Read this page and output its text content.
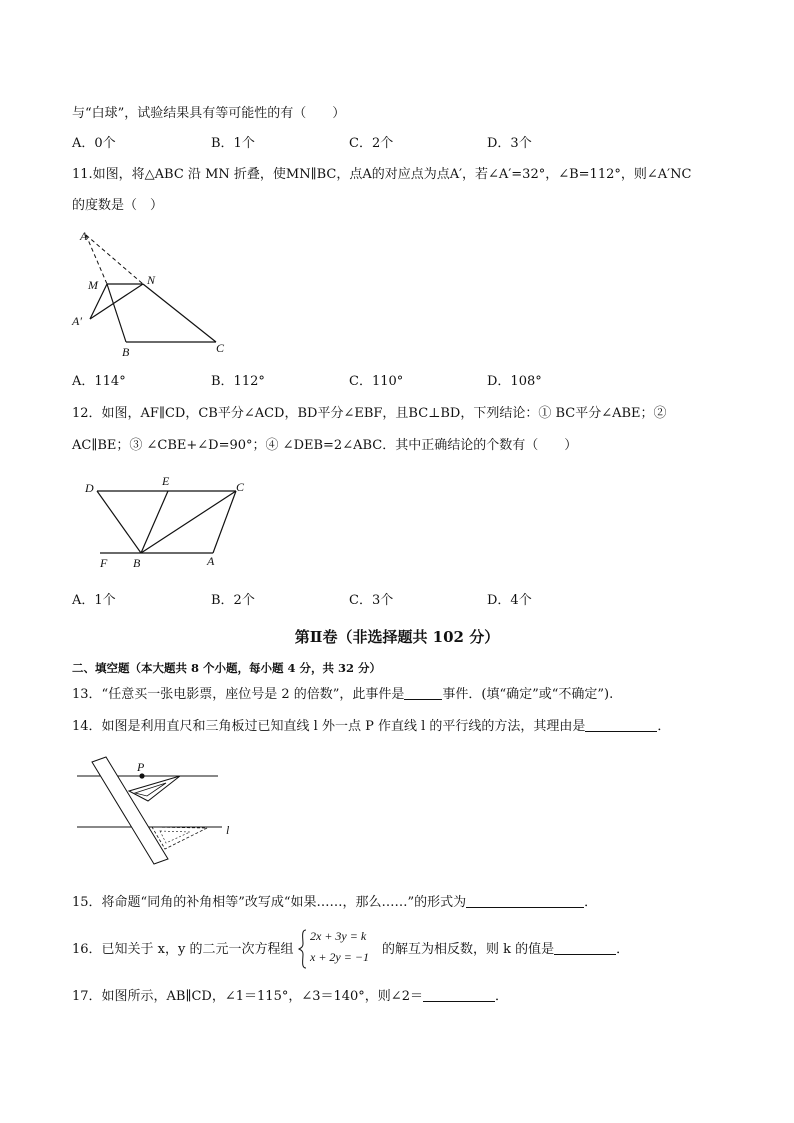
与“白球”，试验结果具有等可能性的有（　　）
A．0个	B．1个	C．2个	D．3个
11.如图，将△ABC 沿 MN 折叠，使MN∥BC，点A的对应点为点A′，若∠A′=32°，∠B=112°，则∠A′NC
的度数是（　）
A
M	N
A′
B	C
A．114°	B．112°	C．110°	D．108°
12．如图，AF∥CD，CB平分∠ACD，BD平分∠EBF，且BC⊥BD，下列结论：① BC平分∠ABE；②
AC∥BE；③ ∠CBE+∠D=90°；④ ∠DEB=2∠ABC．其中正确结论的个数有（　　）
D	E	C
F B	A
A．1个	B．2个	C．3个	D．4个
第Ⅱ卷（非选择题共 102 分）
二、填空题（本大题共 8 个小题，每小题 4 分，共 32 分）
13．“任意买一张电影票，座位号是 2 的倍数”，此事件是	事件．(填“确定”或“不确定”).
14．如图是利用直尺和三角板过已知直线 l 外一点 P 作直线 l 的平行线的方法，其理由是	．
P
l
15．将命题“同角的补角相等”改写成“如果……，那么……”的形式为	．
16．已知关于 x，y 的二元一次方程组
2x + 3y = k
x + 2y = −1 的解互为相反数，则 k 的值是	．
17．如图所示，AB∥CD，∠1＝115°，∠3＝140°，则∠2＝	．
